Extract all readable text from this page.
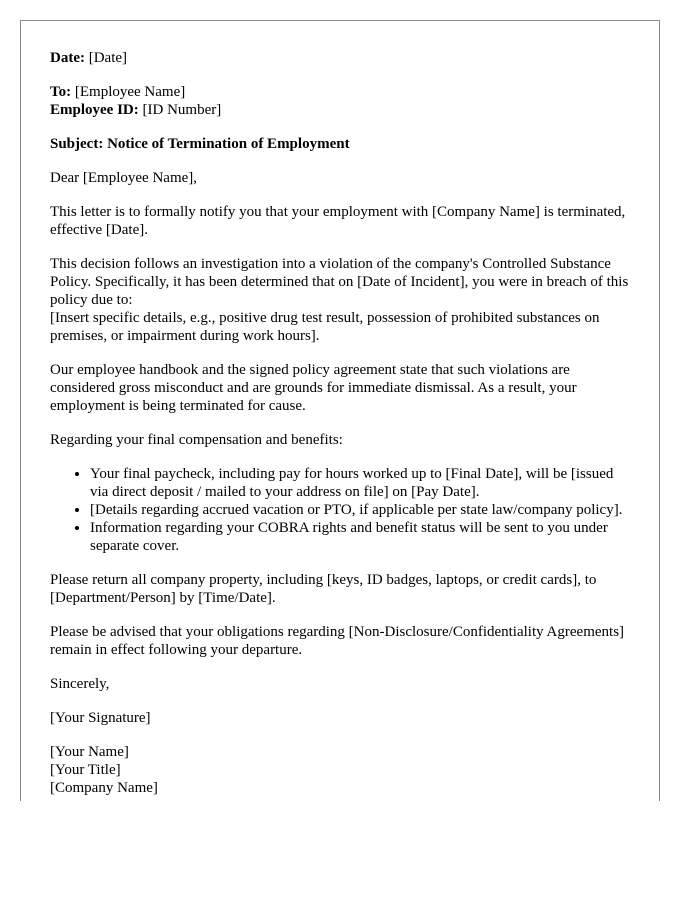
Date: [Date]

To: [Employee Name]

Employee ID: [ID Number]

Subject: Notice of Termination of Employment

Dear [Employee Name],

This letter is to formally notify you that your employment with [Company Name] is terminated, effective [Date].

This decision follows an investigation into a violation of the company's Controlled Substance Policy. Specifically, it has been determined that on [Date of Incident], you were in breach of this policy due to:
[Insert specific details, e.g., positive drug test result, possession of prohibited substances on premises, or impairment during work hours].

Our employee handbook and the signed policy agreement state that such violations are considered gross misconduct and are grounds for immediate dismissal. As a result, your employment is being terminated for cause.

Regarding your final compensation and benefits:

• Your final paycheck, including pay for hours worked up to [Final Date], will be [issued via direct deposit / mailed to your address on file] on [Pay Date].
• [Details regarding accrued vacation or PTO, if applicable per state law/company policy].
• Information regarding your COBRA rights and benefit status will be sent to you under separate cover.

Please return all company property, including [keys, ID badges, laptops, or credit cards], to [Department/Person] by [Time/Date].

Please be advised that your obligations regarding [Non-Disclosure/Confidentiality Agreements] remain in effect following your departure.

Sincerely,

[Your Signature]

[Your Name]

[Your Title]

[Company Name]
